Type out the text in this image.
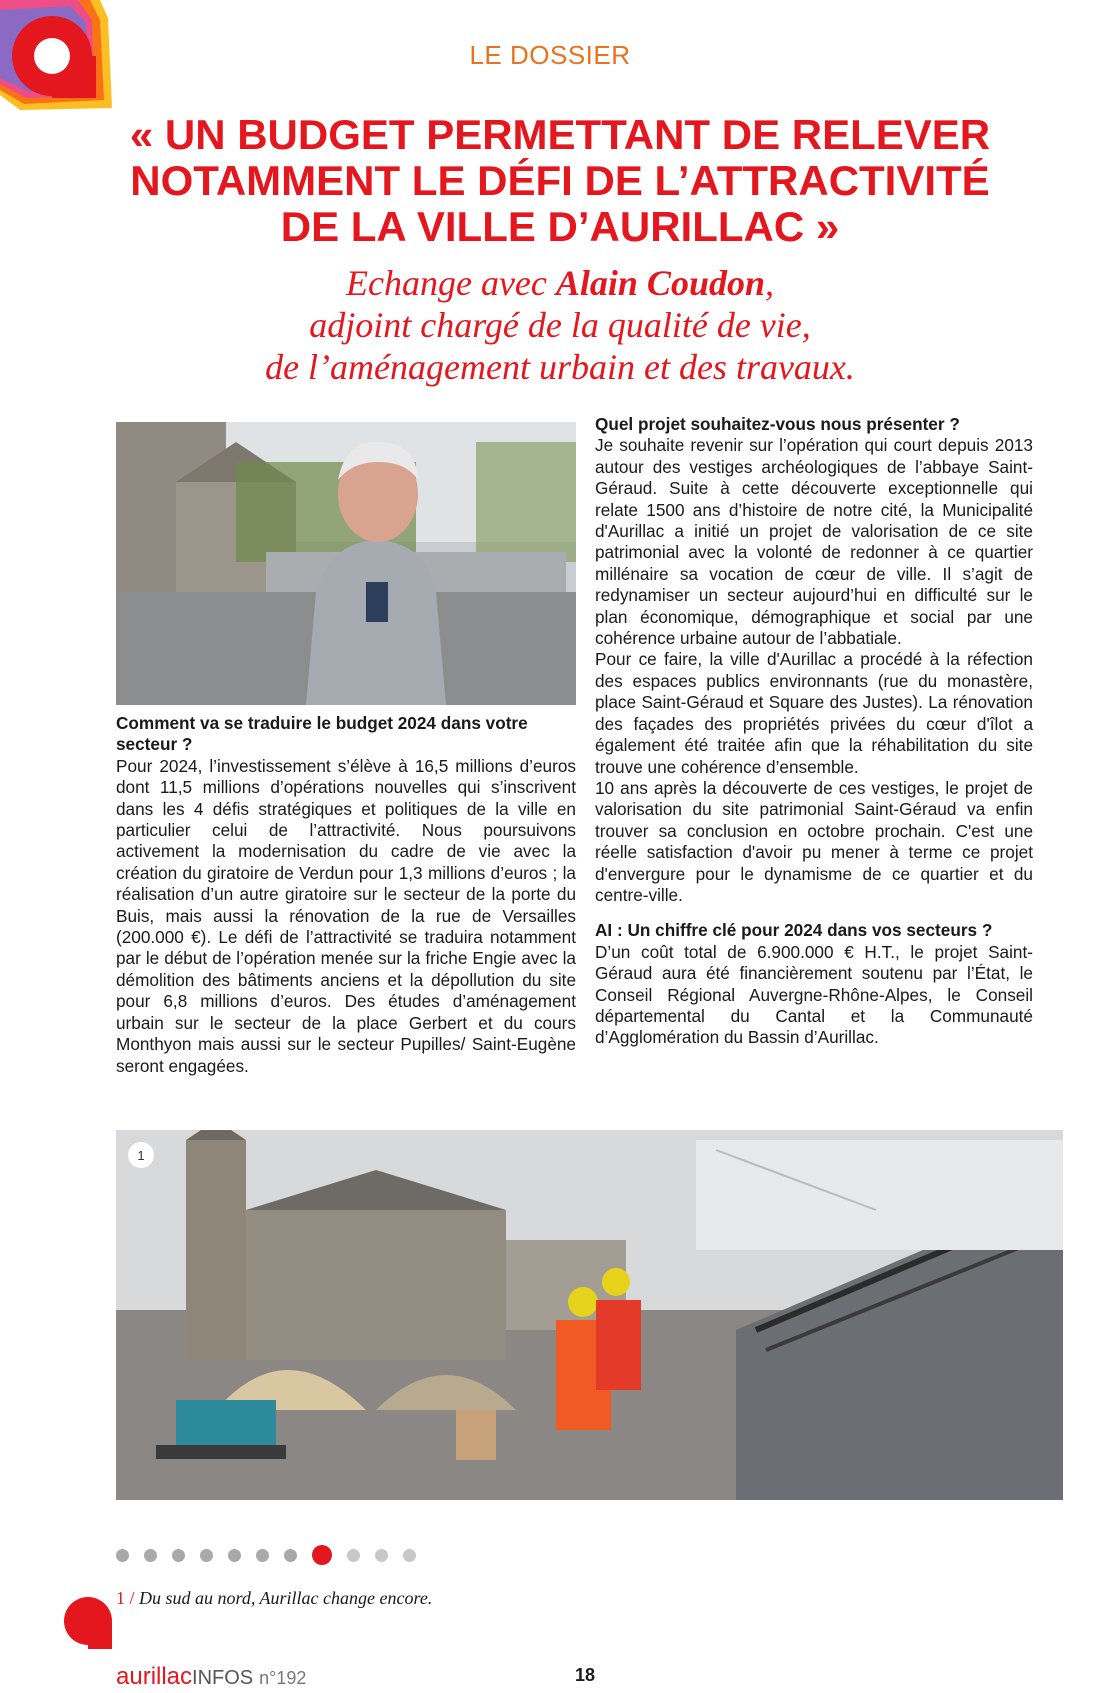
LE DOSSIER
« UN BUDGET PERMETTANT DE RELEVER
NOTAMMENT LE DÉFI DE L’ATTRACTIVITÉ
DE LA VILLE D’AURILLAC »
Echange avec Alain Coudon,
adjoint chargé de la qualité de vie,
de l’aménagement urbain et des travaux.

Comment va se traduire le budget 2024 dans votre secteur ?

Pour 2024, l’investissement s’élève à 16,5 millions d’euros dont 11,5 millions d’opérations nouvelles qui s’inscrivent dans les 4 défis stratégiques et politiques de la ville en particulier celui de l’attractivité. Nous poursuivons activement la modernisation du cadre de vie avec la création du giratoire de Verdun pour 1,3 millions d’euros ; la réalisation d’un autre giratoire sur le secteur de la porte du Buis, mais aussi la rénovation de la rue de Versailles (200.000 €). Le défi de l’attractivité se traduira notamment par le début de l’opération menée sur la friche Engie avec la démolition des bâtiments anciens et la dépollution du site pour 6,8 millions d’euros. Des études d’aménagement urbain sur le secteur de la place Gerbert et du cours Monthyon mais aussi sur le secteur Pupilles/ Saint-Eugène seront engagées.

Quel projet souhaitez-vous nous présenter ?

Je souhaite revenir sur l’opération qui court depuis 2013 autour des vestiges archéologiques de l’abbaye Saint-Géraud. Suite à cette découverte exceptionnelle qui relate 1500 ans d’histoire de notre cité, la Municipalité d'Aurillac a initié un projet de valorisation de ce site patrimonial avec la volonté de redonner à ce quartier millénaire sa vocation de cœur de ville. Il s’agit de redynamiser un secteur aujourd’hui en difficulté sur le plan économique, démographique et social par une cohérence urbaine autour de l’abbatiale.

Pour ce faire, la ville d'Aurillac a procédé à la réfection des espaces publics environnants (rue du monastère, place Saint-Géraud et Square des Justes). La rénovation des façades des propriétés privées du cœur d'îlot a également été traitée afin que la réhabilitation du site trouve une cohérence d’ensemble.

10 ans après la découverte de ces vestiges, le projet de valorisation du site patrimonial Saint-Géraud va enfin trouver sa conclusion en octobre prochain. C'est une réelle satisfaction d'avoir pu mener à terme ce projet d'envergure pour le dynamisme de ce quartier et du centre-ville.

AI : Un chiffre clé pour 2024 dans vos secteurs ?

D’un coût total de 6.900.000 € H.T., le projet Saint-Géraud aura été financièrement soutenu par l’État, le Conseil Régional Auvergne-Rhône-Alpes, le Conseil départemental du Cantal et la Communauté d’Agglomération du Bassin d’Aurillac.

1
1 / Du sud au nord, Aurillac change encore.
aurillacINFOS n°192	18
